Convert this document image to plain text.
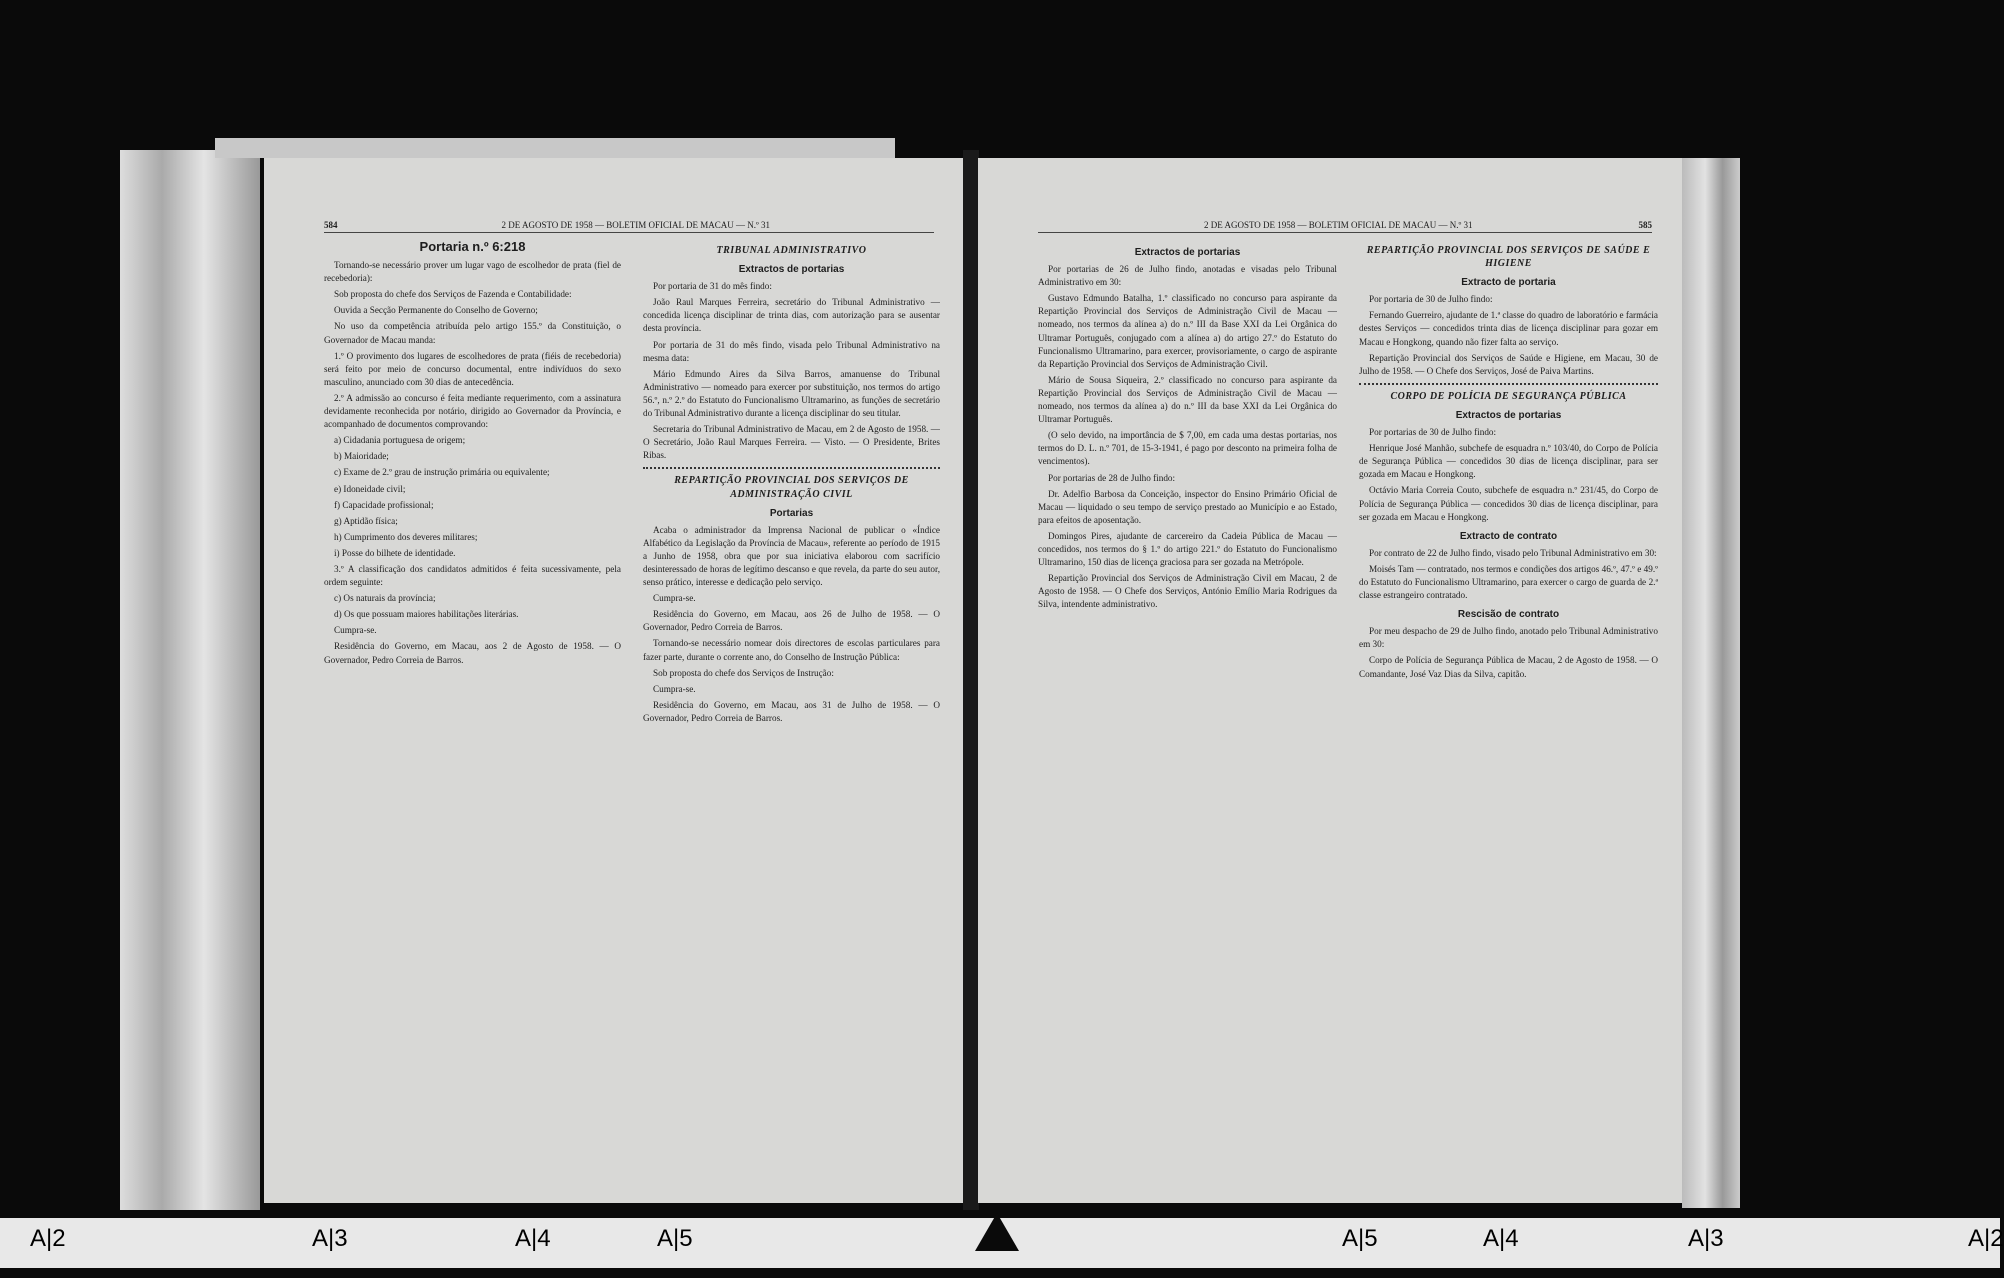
584	2 DE AGOSTO DE 1958 — BOLETIM OFICIAL DE MACAU — N.º 31
Portaria n.º 6:218

Tornando-se necessário prover um lugar vago de escolhedor de prata (fiel de recebedoria):

Sob proposta do chefe dos Serviços de Fazenda e Contabilidade:

Ouvida a Secção Permanente do Conselho de Governo;

No uso da competência atribuída pelo artigo 155.º da Constituição, o Governador de Macau manda:

1.º O provimento dos lugares de escolhedores de prata (fiéis de recebedoria) será feito por meio de concurso documental, entre indivíduos do sexo masculino, anunciado com 30 dias de antecedência.

2.º A admissão ao concurso é feita mediante requerimento, com a assinatura devidamente reconhecida por notário, dirigido ao Governador da Província, e acompanhado de documentos comprovando:

a) Cidadania portuguesa de origem;

b) Maioridade;

c) Exame de 2.º grau de instrução primária ou equivalente;

e) Idoneidade civil;

f) Capacidade profissional;

g) Aptidão física;

h) Cumprimento dos deveres militares;

i) Posse do bilhete de identidade.

3.º A classificação dos candidatos admitidos é feita sucessivamente, pela ordem seguinte:

c) Os naturais da província;

d) Os que possuam maiores habilitações literárias.

Cumpra-se.

Residência do Governo, em Macau, aos 2 de Agosto de 1958. — O Governador, Pedro Correia de Barros.

TRIBUNAL ADMINISTRATIVO
Extractos de portarias

Por portaria de 31 do mês findo:

João Raul Marques Ferreira, secretário do Tribunal Administrativo — concedida licença disciplinar de trinta dias, com autorização para se ausentar desta província.

Por portaria de 31 do mês findo, visada pelo Tribunal Administrativo na mesma data:

Mário Edmundo Aires da Silva Barros, amanuense do Tribunal Administrativo — nomeado para exercer por substituição, nos termos do artigo 56.º, n.º 2.º do Estatuto do Funcionalismo Ultramarino, as funções de secretário do Tribunal Administrativo durante a licença disciplinar do seu titular.

Secretaria do Tribunal Administrativo de Macau, em 2 de Agosto de 1958. — O Secretário, João Raul Marques Ferreira. — Visto. — O Presidente, Brites Ribas.

REPARTIÇÃO PROVINCIAL DOS SERVIÇOS DE ADMINISTRAÇÃO CIVIL
Portarias

Acaba o administrador da Imprensa Nacional de publicar o «Índice Alfabético da Legislação da Província de Macau», referente ao período de 1915 a Junho de 1958, obra que por sua iniciativa elaborou com sacrifício desinteressado de horas de legítimo descanso e que revela, da parte do seu autor, senso prático, interesse e dedicação pelo serviço.

Cumpra-se.

Residência do Governo, em Macau, aos 26 de Julho de 1958. — O Governador, Pedro Correia de Barros.

Tornando-se necessário nomear dois directores de escolas particulares para fazer parte, durante o corrente ano, do Conselho de Instrução Pública:

Sob proposta do chefe dos Serviços de Instrução:

Cumpra-se.

Residência do Governo, em Macau, aos 31 de Julho de 1958. — O Governador, Pedro Correia de Barros.

2 DE AGOSTO DE 1958 — BOLETIM OFICIAL DE MACAU — N.º 31	585
Extractos de portarias

Por portarias de 26 de Julho findo, anotadas e visadas pelo Tribunal Administrativo em 30:

Gustavo Edmundo Batalha, 1.º classificado no concurso para aspirante da Repartição Provincial dos Serviços de Administração Civil de Macau — nomeado, nos termos da alínea a) do n.º III da Base XXI da Lei Orgânica do Ultramar Português, conjugado com a alínea a) do artigo 27.º do Estatuto do Funcionalismo Ultramarino, para exercer, provisoriamente, o cargo de aspirante da Repartição Provincial dos Serviços de Administração Civil.

Mário de Sousa Siqueira, 2.º classificado no concurso para aspirante da Repartição Provincial dos Serviços de Administração Civil de Macau — nomeado, nos termos da alínea a) do n.º III da base XXI da Lei Orgânica do Ultramar Português.

(O selo devido, na importância de $ 7,00, em cada uma destas portarias, nos termos do D. L. n.º 701, de 15-3-1941, é pago por desconto na primeira folha de vencimentos).

Por portarias de 28 de Julho findo:

Dr. Adelfio Barbosa da Conceição, inspector do Ensino Primário Oficial de Macau — liquidado o seu tempo de serviço prestado ao Município e ao Estado, para efeitos de aposentação.

Domingos Pires, ajudante de carcereiro da Cadeia Pública de Macau — concedidos, nos termos do § 1.º do artigo 221.º do Estatuto do Funcionalismo Ultramarino, 150 dias de licença graciosa para ser gozada na Metrópole.

Repartição Provincial dos Serviços de Administração Civil em Macau, 2 de Agosto de 1958. — O Chefe dos Serviços, António Emílio Maria Rodrigues da Silva, intendente administrativo.

REPARTIÇÃO PROVINCIAL DOS SERVIÇOS DE SAÚDE E HIGIENE
Extracto de portaria

Por portaria de 30 de Julho findo:

Fernando Guerreiro, ajudante de 1.ª classe do quadro de laboratório e farmácia destes Serviços — concedidos trinta dias de licença disciplinar para gozar em Macau e Hongkong, quando não fizer falta ao serviço.

Repartição Provincial dos Serviços de Saúde e Higiene, em Macau, 30 de Julho de 1958. — O Chefe dos Serviços, José de Paiva Martins.

CORPO DE POLÍCIA DE SEGURANÇA PÚBLICA
Extractos de portarias

Por portarias de 30 de Julho findo:

Henrique José Manhão, subchefe de esquadra n.º 103/40, do Corpo de Polícia de Segurança Pública — concedidos 30 dias de licença disciplinar, para ser gozada em Macau e Hongkong.

Octávio Maria Correia Couto, subchefe de esquadra n.º 231/45, do Corpo de Polícia de Segurança Pública — concedidos 30 dias de licença disciplinar, para ser gozada em Macau e Hongkong.

Extracto de contrato

Por contrato de 22 de Julho findo, visado pelo Tribunal Administrativo em 30:

Moisés Tam — contratado, nos termos e condições dos artigos 46.º, 47.º e 49.º do Estatuto do Funcionalismo Ultramarino, para exercer o cargo de guarda de 2.ª classe estrangeiro contratado.

Rescisão de contrato

Por meu despacho de 29 de Julho findo, anotado pelo Tribunal Administrativo em 30:

Corpo de Polícia de Segurança Pública de Macau, 2 de Agosto de 1958. — O Comandante, José Vaz Dias da Silva, capitão.

A|2	A|3	A|4	A|5	A|5	A|4	A|3	A|2
